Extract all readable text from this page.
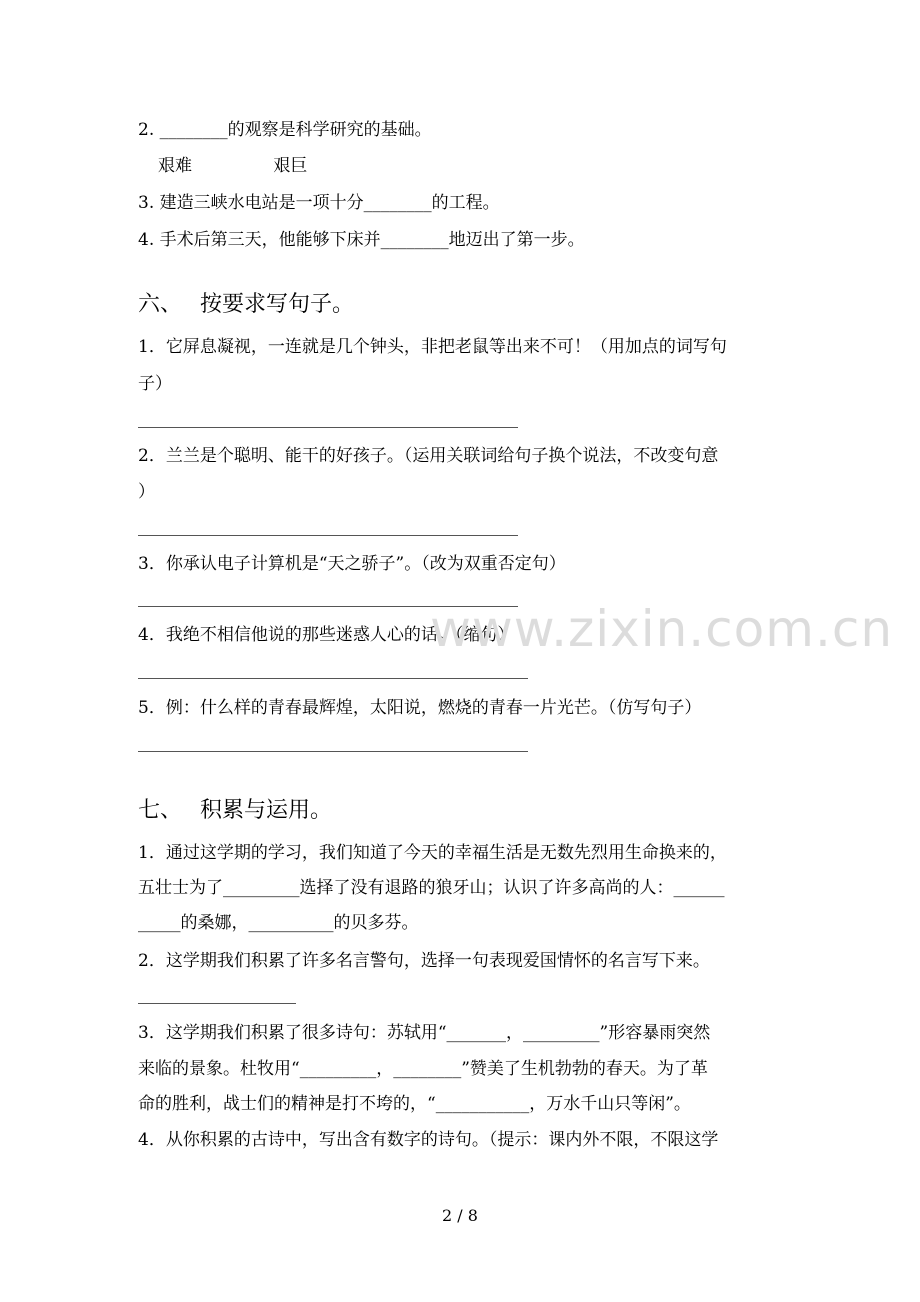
2. ________的观察是科学研究的基础。
艰难	艰巨
3. 建造三峡水电站是一项十分________的工程。
4. 手术后第三天，他能够下床并________地迈出了第一步。
六、 按要求写句子。
1．它屏息凝视，一连就是几个钟头，非把老鼠等出来不可！（用加点的词写句
子）
2．兰兰是个聪明、能干的好孩子。（运用关联词给句子换个说法，不改变句意
）
3．你承认电子计算机是“天之骄子”。（改为双重否定句）
4．我绝不相信他说的那些迷惑人心的话。（缩句）
5．例：什么样的青春最辉煌，太阳说，燃烧的青春一片光芒。（仿写句子）
七、 积累与运用。
1．通过这学期的学习，我们知道了今天的幸福生活是无数先烈用生命换来的，
五壮士为了_________选择了没有退路的狼牙山；认识了许多高尚的人：______
_____的桑娜，__________的贝多芬。
2．这学期我们积累了许多名言警句，选择一句表现爱国情怀的名言写下来。
3．这学期我们积累了很多诗句：苏轼用“_______，_________”形容暴雨突然
来临的景象。杜牧用“_________，________”赞美了生机勃勃的春天。为了革
命的胜利，战士们的精神是打不垮的，“___________，万水千山只等闲”。
4．从你积累的古诗中，写出含有数字的诗句。（提示：课内外不限，不限这学
www.zixin.com.cn
2 / 8
